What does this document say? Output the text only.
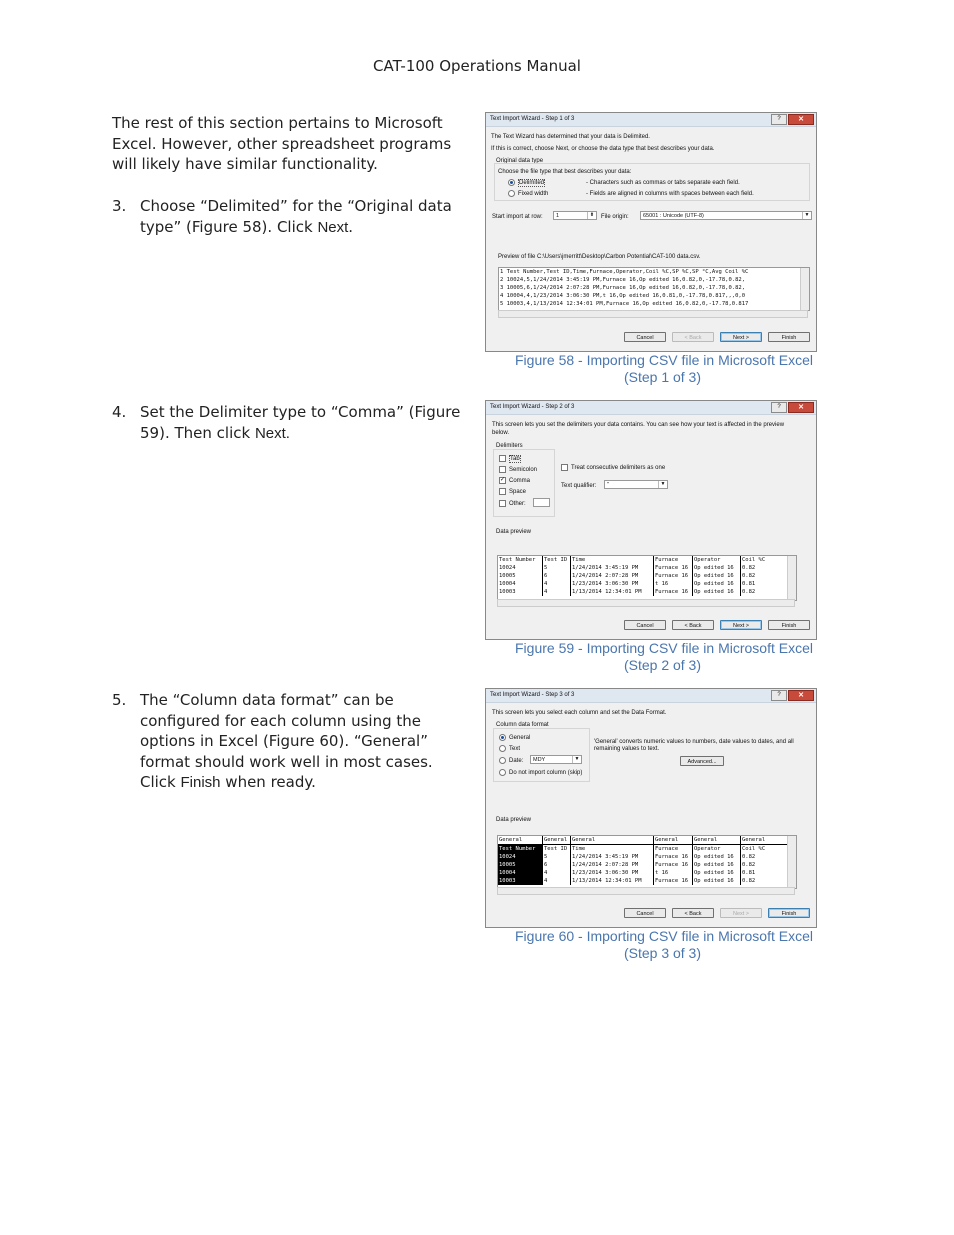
CAT-100 Operations Manual
The rest of this section pertains to Microsoft
Excel. However, other spreadsheet programs
will likely have similar functionality.
3. Choose “Delimited” for the “Original data
type” (Figure 58). Click Next.
4. Set the Delimiter type to “Comma” (Figure
59). Then click Next.
5. The “Column data format” can be
configured for each column using the
options in Excel (Figure 60). “General”
format should work well in most cases.
Click Finish when ready.
Text Import Wizard - Step 1 of 3	?	✕
The Text Wizard has determined that your data is Delimited.
If this is correct, choose Next, or choose the data type that best describes your data.
Original data type
Choose the file type that best describes your data:
Delimited	- Characters such as commas or tabs separate each field.
Fixed width	- Fields are aligned in columns with spaces between each field.
Start import at row:	1	⬍	File origin:	65001 : Unicode (UTF-8)	▼
Preview of file C:\Users\jmerritt\Desktop\Carbon Potential\CAT-100 data.csv.
1 Test Number,Test ID,Time,Furnace,Operator,Coil %C,SP %C,SP °C,Avg Coil %C
2 10024,5,1/24/2014 3:45:19 PM,Furnace 16,Op edited 16,0.82,0,-17.78,0.82,
3 10005,6,1/24/2014 2:07:28 PM,Furnace 16,Op edited 16,0.82,0,-17.78,0.82,
4 10004,4,1/23/2014 3:06:30 PM,t 16,Op edited 16,0.81,0,-17.78,0.817,,,0,0
5 10003,4,1/13/2014 12:34:01 PM,Furnace 16,Op edited 16,0.82,0,-17.78,0.817
Cancel	< Back	Next >	Finish
Figure 58 - Importing CSV file in Microsoft Excel
(Step 1 of 3)
Text Import Wizard - Step 2 of 3	?	✕
This screen lets you set the delimiters your data contains. You can see how your text is affected in the preview
below.
Delimiters
Tab
Semicolon
✓ Comma
Space
Other:
Treat consecutive delimiters as one
Text qualifier:	"	▼
Data preview
Test Number	Test ID	Time	Furnace	Operator	Coil %C
10024	5	1/24/2014 3:45:19 PM	Furnace 16	Op edited 16	0.82
10005	6	1/24/2014 2:07:28 PM	Furnace 16	Op edited 16	0.82
10004	4	1/23/2014 3:06:30 PM	t 16	Op edited 16	0.81
10003	4	1/13/2014 12:34:01 PM	Furnace 16	Op edited 16	0.82
Cancel	< Back	Next >	Finish
Figure 59 - Importing CSV file in Microsoft Excel
(Step 2 of 3)
Text Import Wizard - Step 3 of 3	?	✕
This screen lets you select each column and set the Data Format.
Column data format
General
Text
Date:	MDY	▼
Do not import column (skip)
'General' converts numeric values to numbers, date values to dates, and all
remaining values to text.
Advanced...
Data preview
General	General	General	General	General	General
Test Number	Test ID	Time	Furnace	Operator	Coil %C
10024	5	1/24/2014 3:45:19 PM	Furnace 16	Op edited 16	0.82
10005	6	1/24/2014 2:07:28 PM	Furnace 16	Op edited 16	0.82
10004	4	1/23/2014 3:06:30 PM	t 16	Op edited 16	0.81
10003	4	1/13/2014 12:34:01 PM	Furnace 16	Op edited 16	0.82
Cancel	< Back	Next >	Finish
Figure 60 - Importing CSV file in Microsoft Excel
(Step 3 of 3)
